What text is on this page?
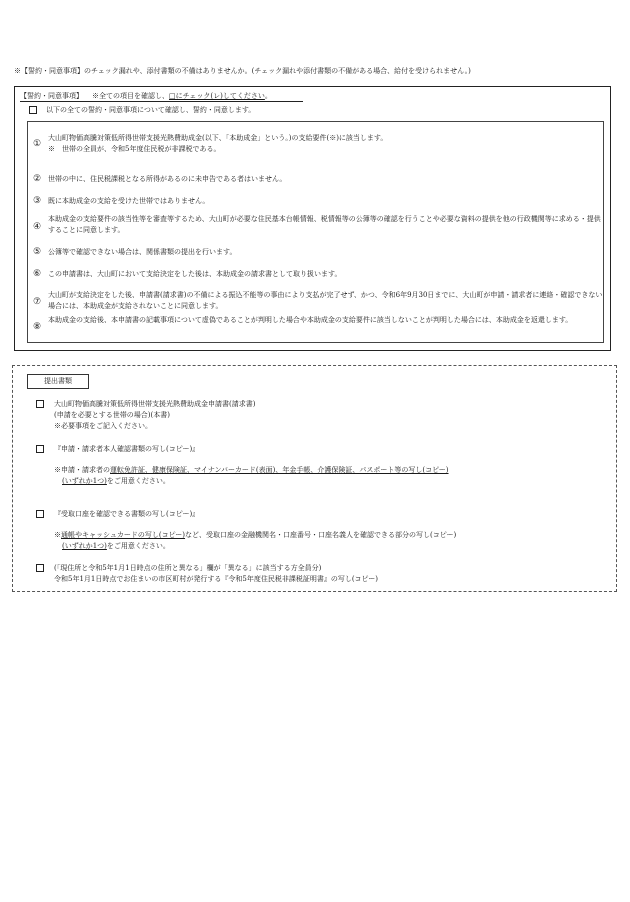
※【誓約・同意事項】のチェック漏れや、添付書類の不備はありませんか。(チェック漏れや添付書類の不備がある場合、給付を受けられません。)
【誓約・同意事項】 ※全ての項目を確認し、□にチェック(レ)してください。
以下の全ての誓約・同意事項について確認し、誓約・同意します。
①
大山町物価高騰対策低所得世帯支援光熱費助成金(以下、「本助成金」という。)の支給要件(※)に該当します。
※　世帯の全員が、令和5年度住民税が非課税である。
② 世帯の中に、住民税課税となる所得があるのに未申告である者はいません。
③ 既に本助成金の支給を受けた世帯ではありません。
④
本助成金の支給要件の該当性等を審査等するため、大山町が必要な住民基本台帳情報、税情報等の公簿等の確認を行うことや必要な資料の提供を他の行政機関等に求める・提供することに同意します。
⑤ 公簿等で確認できない場合は、関係書類の提出を行います。
⑥ この申請書は、大山町において支給決定をした後は、本助成金の請求書として取り扱います。
⑦
大山町が支給決定をした後、申請書(請求書)の不備による振込不能等の事由により支払が完了せず、かつ、令和6年9月30日までに、大山町が申請・請求者に連絡・確認できない場合には、本助成金が支給されないことに同意します。
⑧
本助成金の支給後、本申請書の記載事項について虚偽であることが判明した場合や本助成金の支給要件に該当しないことが判明した場合には、本助成金を返還します。
提出書類
大山町物価高騰対策低所得世帯支援光熱費助成金申請書(請求書)
(申請を必要とする世帯の場合)(本書)
※必要事項をご記入ください。
『申請・請求者本人確認書類の写し(コピー)』
※申請・請求者の運転免許証、健康保険証、マイナンバーカード(表面)、年金手帳、介護保険証、パスポート等の写し(コピー)
(いずれか1つ)をご用意ください。
『受取口座を確認できる書類の写し(コピー)』
※通帳やキャッシュカードの写し(コピー)など、受取口座の金融機関名・口座番号・口座名義人を確認できる部分の写し(コピー)
(いずれか1つ)をご用意ください。
(「現住所と令和5年1月1日時点の住所と異なる」欄が「異なる」に該当する方全員分)
令和5年1月1日時点でお住まいの市区町村が発行する『令和5年度住民税非課税証明書』の写し(コピー)
